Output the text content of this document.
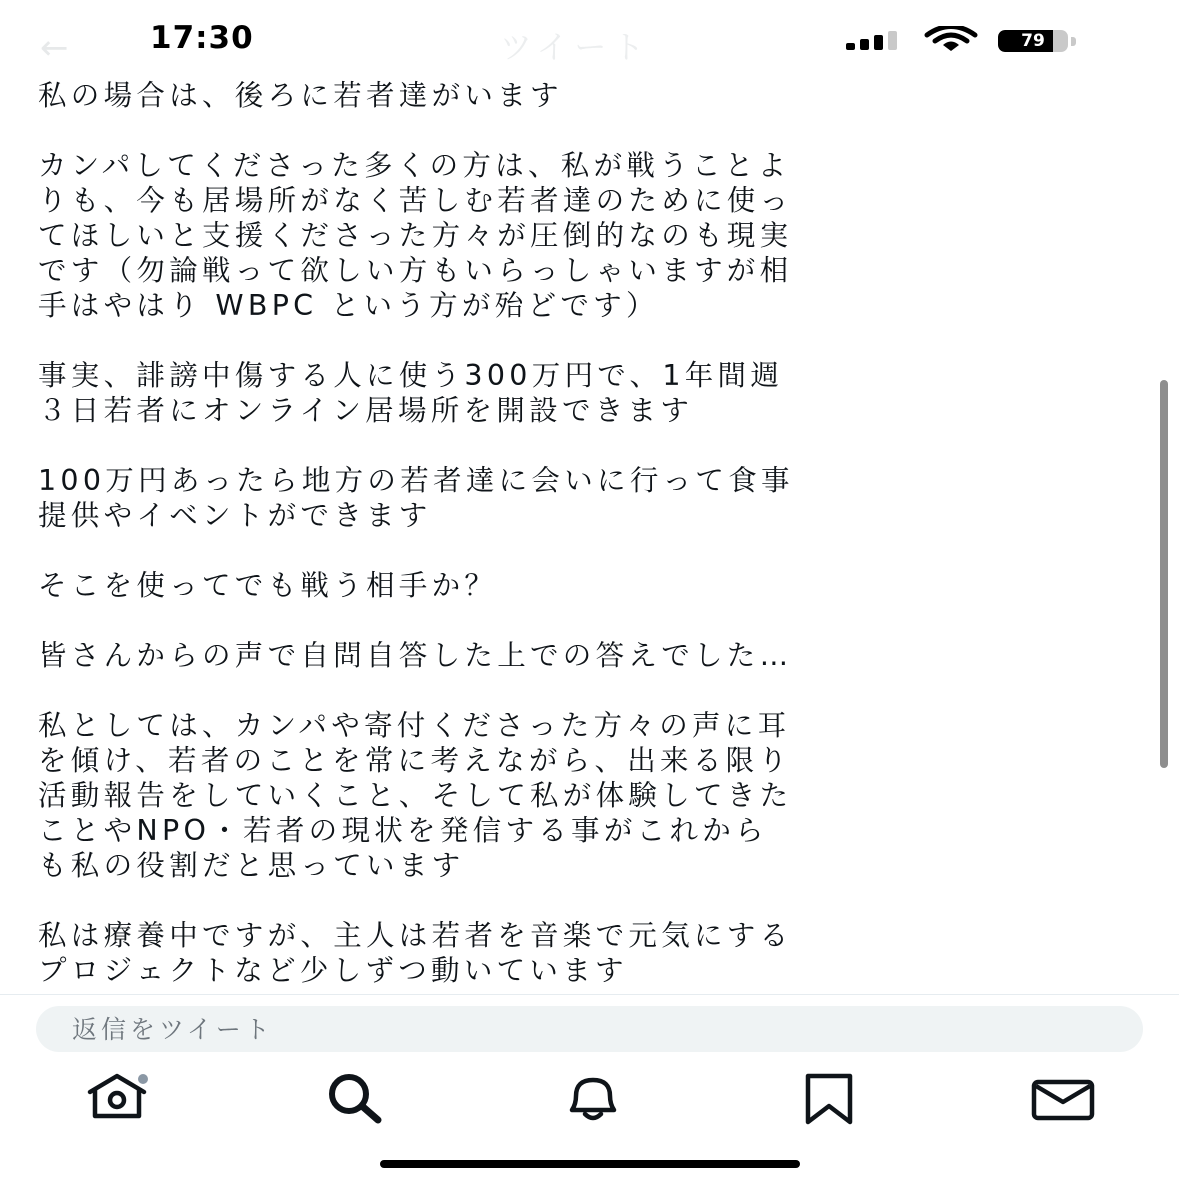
←	ツイート
17:30	79

私の場合は、後ろに若者達がいます

カンパしてくださった多くの方は、私が戦うことよ
りも、今も居場所がなく苦しむ若者達のために使っ
てほしいと支援くださった方々が圧倒的なのも現実
です（勿論戦って欲しい方もいらっしゃいますが相
手はやはり WBPC という方が殆どです）

事実、誹謗中傷する人に使う300万円で、1年間週
３日若者にオンライン居場所を開設できます

100万円あったら地方の若者達に会いに行って食事
提供やイベントができます

そこを使ってでも戦う相手か？

皆さんからの声で自問自答した上での答えでした…

私としては、カンパや寄付くださった方々の声に耳
を傾け、若者のことを常に考えながら、出来る限り
活動報告をしていくこと、そして私が体験してきた
ことやNPO・若者の現状を発信する事がこれから
も私の役割だと思っています

私は療養中ですが、主人は若者を音楽で元気にする
プロジェクトなど少しずつ動いています

返信をツイート
